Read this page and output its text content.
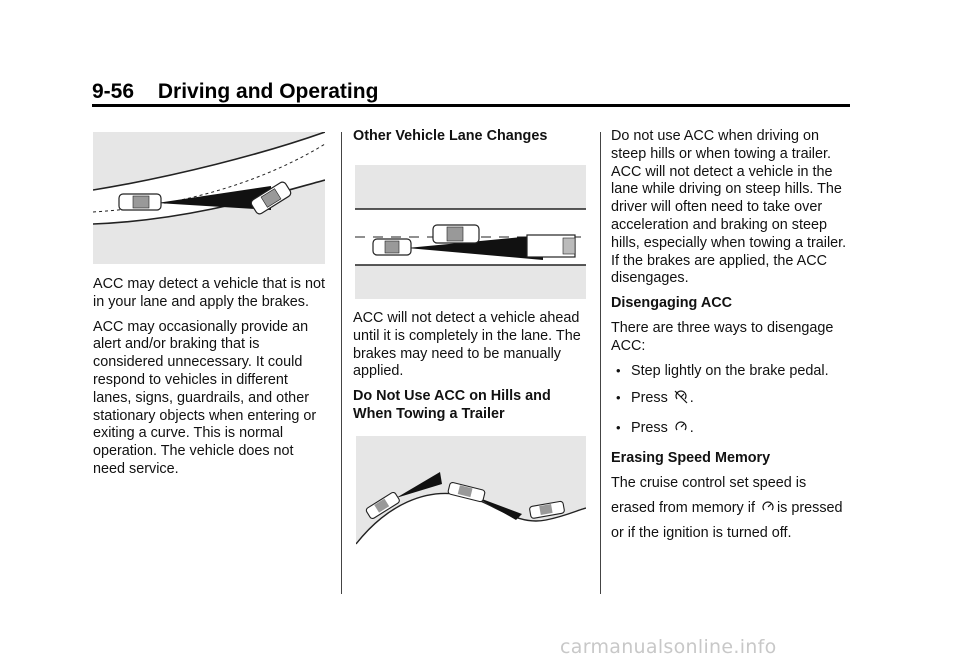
9-56 Driving and Operating

ACC may detect a vehicle that is not in your lane and apply the brakes.

ACC may occasionally provide an alert and/or braking that is considered unnecessary. It could respond to vehicles in different lanes, signs, guardrails, and other stationary objects when entering or exiting a curve. This is normal operation. The vehicle does not need service.

Other Vehicle Lane Changes

ACC will not detect a vehicle ahead until it is completely in the lane. The brakes may need to be manually applied.

Do Not Use ACC on Hills and When Towing a Trailer

Do not use ACC when driving on steep hills or when towing a trailer. ACC will not detect a vehicle in the lane while driving on steep hills. The driver will often need to take over acceleration and braking on steep hills, especially when towing a trailer. If the brakes are applied, the ACC disengages.

Disengaging ACC

There are three ways to disengage ACC:

• Step lightly on the brake pedal.
• Press .
• Press .
Erasing Speed Memory

The cruise control set speed is

erased from memory if is pressed

or if the ignition is turned off.

carmanualsonline.info
